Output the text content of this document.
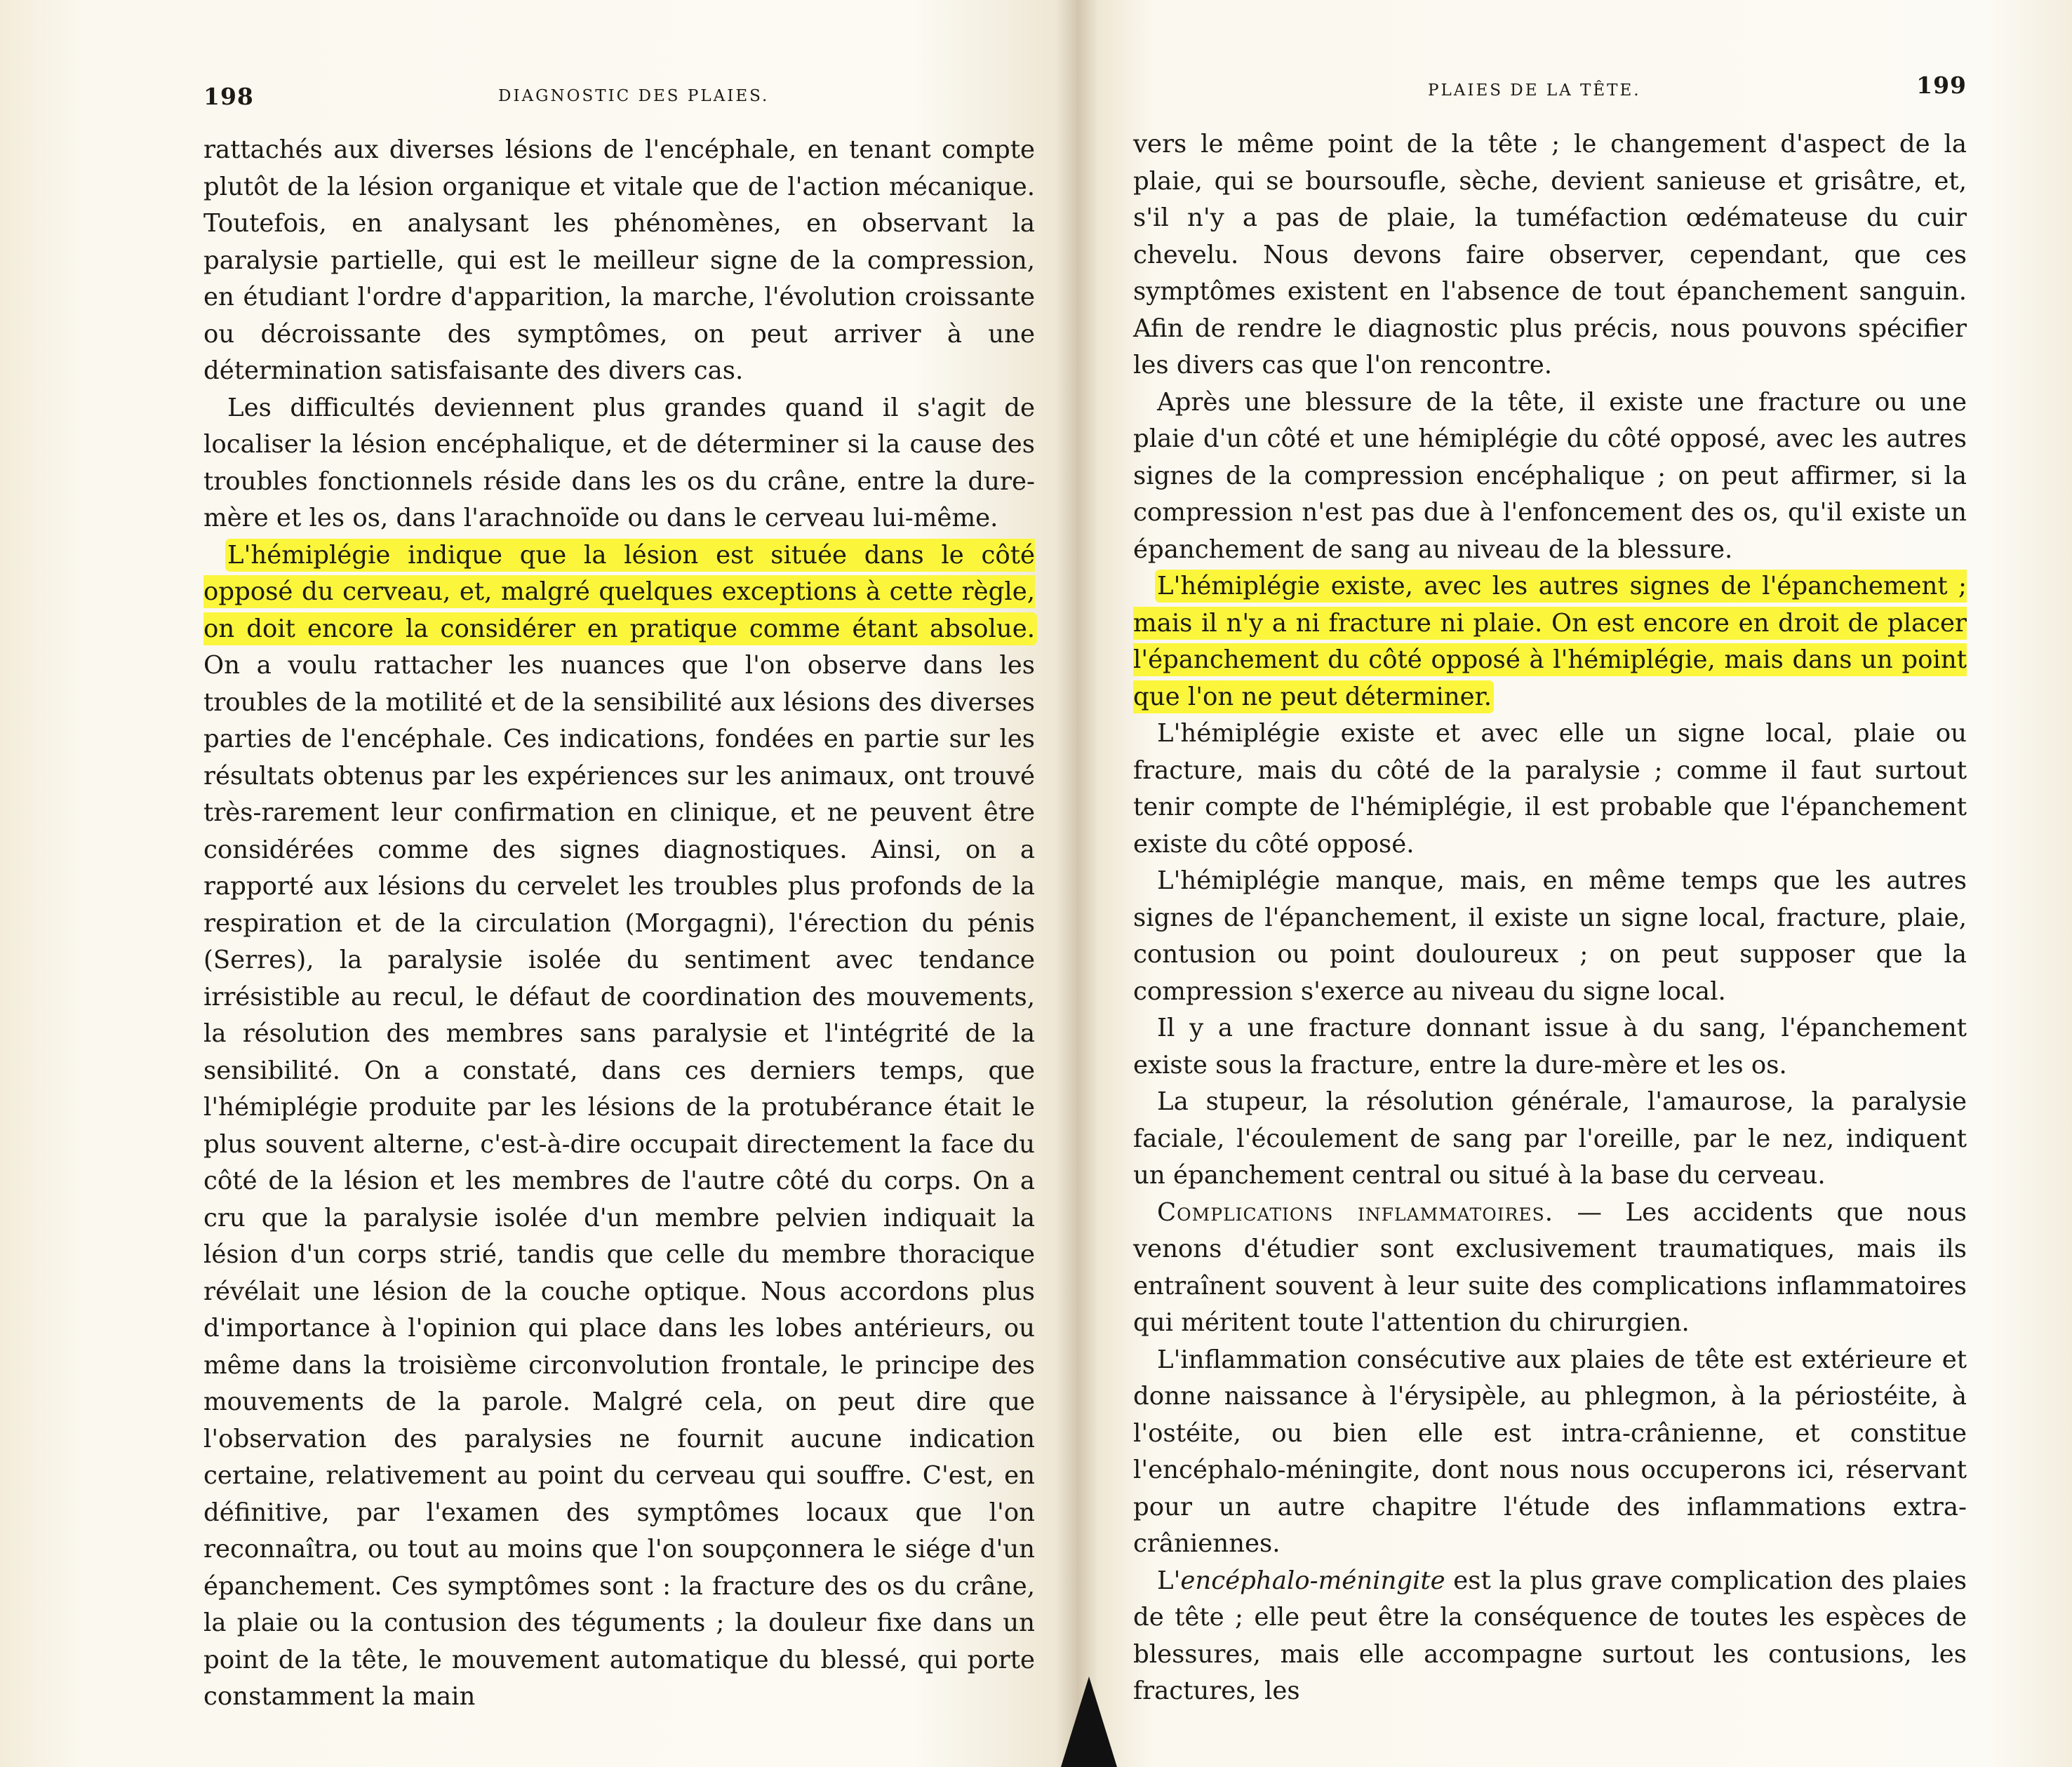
198	DIAGNOSTIC DES PLAIES.

rattachés aux diverses lésions de l'encéphale, en tenant compte plutôt de la lésion organique et vitale que de l'action mécanique. Toutefois, en analysant les phénomènes, en observant la paralysie partielle, qui est le meilleur signe de la compression, en étudiant l'ordre d'apparition, la marche, l'évolution croissante ou décroissante des symptômes, on peut arriver à une détermination satisfaisante des divers cas.

Les difficultés deviennent plus grandes quand il s'agit de localiser la lésion encéphalique, et de déterminer si la cause des troubles fonctionnels réside dans les os du crâne, entre la dure-mère et les os, dans l'arachnoïde ou dans le cerveau lui-même.

L'hémiplégie indique que la lésion est située dans le côté opposé du cerveau, et, malgré quelques exceptions à cette règle, on doit encore la considérer en pratique comme étant absolue. On a voulu rattacher les nuances que l'on observe dans les troubles de la motilité et de la sensibilité aux lésions des diverses parties de l'encéphale. Ces indications, fondées en partie sur les résultats obtenus par les expériences sur les animaux, ont trouvé très-rarement leur confirmation en clinique, et ne peuvent être considérées comme des signes diagnostiques. Ainsi, on a rapporté aux lésions du cervelet les troubles plus profonds de la respiration et de la circulation (Morgagni), l'érection du pénis (Serres), la paralysie isolée du sentiment avec tendance irrésistible au recul, le défaut de coordination des mouvements, la résolution des membres sans paralysie et l'intégrité de la sensibilité. On a constaté, dans ces derniers temps, que l'hémiplégie produite par les lésions de la protubérance était le plus souvent alterne, c'est-à-dire occupait directement la face du côté de la lésion et les membres de l'autre côté du corps. On a cru que la paralysie isolée d'un membre pelvien indiquait la lésion d'un corps strié, tandis que celle du membre thoracique révélait une lésion de la couche optique. Nous accordons plus d'importance à l'opinion qui place dans les lobes antérieurs, ou même dans la troisième circonvolution frontale, le principe des mouvements de la parole. Malgré cela, on peut dire que l'observation des paralysies ne fournit aucune indication certaine, relativement au point du cerveau qui souffre. C'est, en définitive, par l'examen des symptômes locaux que l'on reconnaîtra, ou tout au moins que l'on soupçonnera le siége d'un épanchement. Ces symptômes sont : la fracture des os du crâne, la plaie ou la contusion des téguments ; la douleur fixe dans un point de la tête, le mouvement automatique du blessé, qui porte constamment la main

PLAIES DE LA TÊTE.	199

vers le même point de la tête ; le changement d'aspect de la plaie, qui se boursoufle, sèche, devient sanieuse et grisâtre, et, s'il n'y a pas de plaie, la tuméfaction œdémateuse du cuir chevelu. Nous devons faire observer, cependant, que ces symptômes existent en l'absence de tout épanchement sanguin. Afin de rendre le diagnostic plus précis, nous pouvons spécifier les divers cas que l'on rencontre.

Après une blessure de la tête, il existe une fracture ou une plaie d'un côté et une hémiplégie du côté opposé, avec les autres signes de la compression encéphalique ; on peut affirmer, si la compression n'est pas due à l'enfoncement des os, qu'il existe un épanchement de sang au niveau de la blessure.

L'hémiplégie existe, avec les autres signes de l'épanchement ; mais il n'y a ni fracture ni plaie. On est encore en droit de placer l'épanchement du côté opposé à l'hémiplégie, mais dans un point que l'on ne peut déterminer.

L'hémiplégie existe et avec elle un signe local, plaie ou fracture, mais du côté de la paralysie ; comme il faut surtout tenir compte de l'hémiplégie, il est probable que l'épanchement existe du côté opposé.

L'hémiplégie manque, mais, en même temps que les autres signes de l'épanchement, il existe un signe local, fracture, plaie, contusion ou point douloureux ; on peut supposer que la compression s'exerce au niveau du signe local.

Il y a une fracture donnant issue à du sang, l'épanchement existe sous la fracture, entre la dure-mère et les os.

La stupeur, la résolution générale, l'amaurose, la paralysie faciale, l'écoulement de sang par l'oreille, par le nez, indiquent un épanchement central ou situé à la base du cerveau.

Complications inflammatoires. — Les accidents que nous venons d'étudier sont exclusivement traumatiques, mais ils entraînent souvent à leur suite des complications inflammatoires qui méritent toute l'attention du chirurgien.

L'inflammation consécutive aux plaies de tête est extérieure et donne naissance à l'érysipèle, au phlegmon, à la périostéite, à l'ostéite, ou bien elle est intra-crânienne, et constitue l'encéphalo-méningite, dont nous nous occuperons ici, réservant pour un autre chapitre l'étude des inflammations extra-crâniennes.

L'encéphalo-méningite est la plus grave complication des plaies de tête ; elle peut être la conséquence de toutes les espèces de blessures, mais elle accompagne surtout les contusions, les fractures, les
